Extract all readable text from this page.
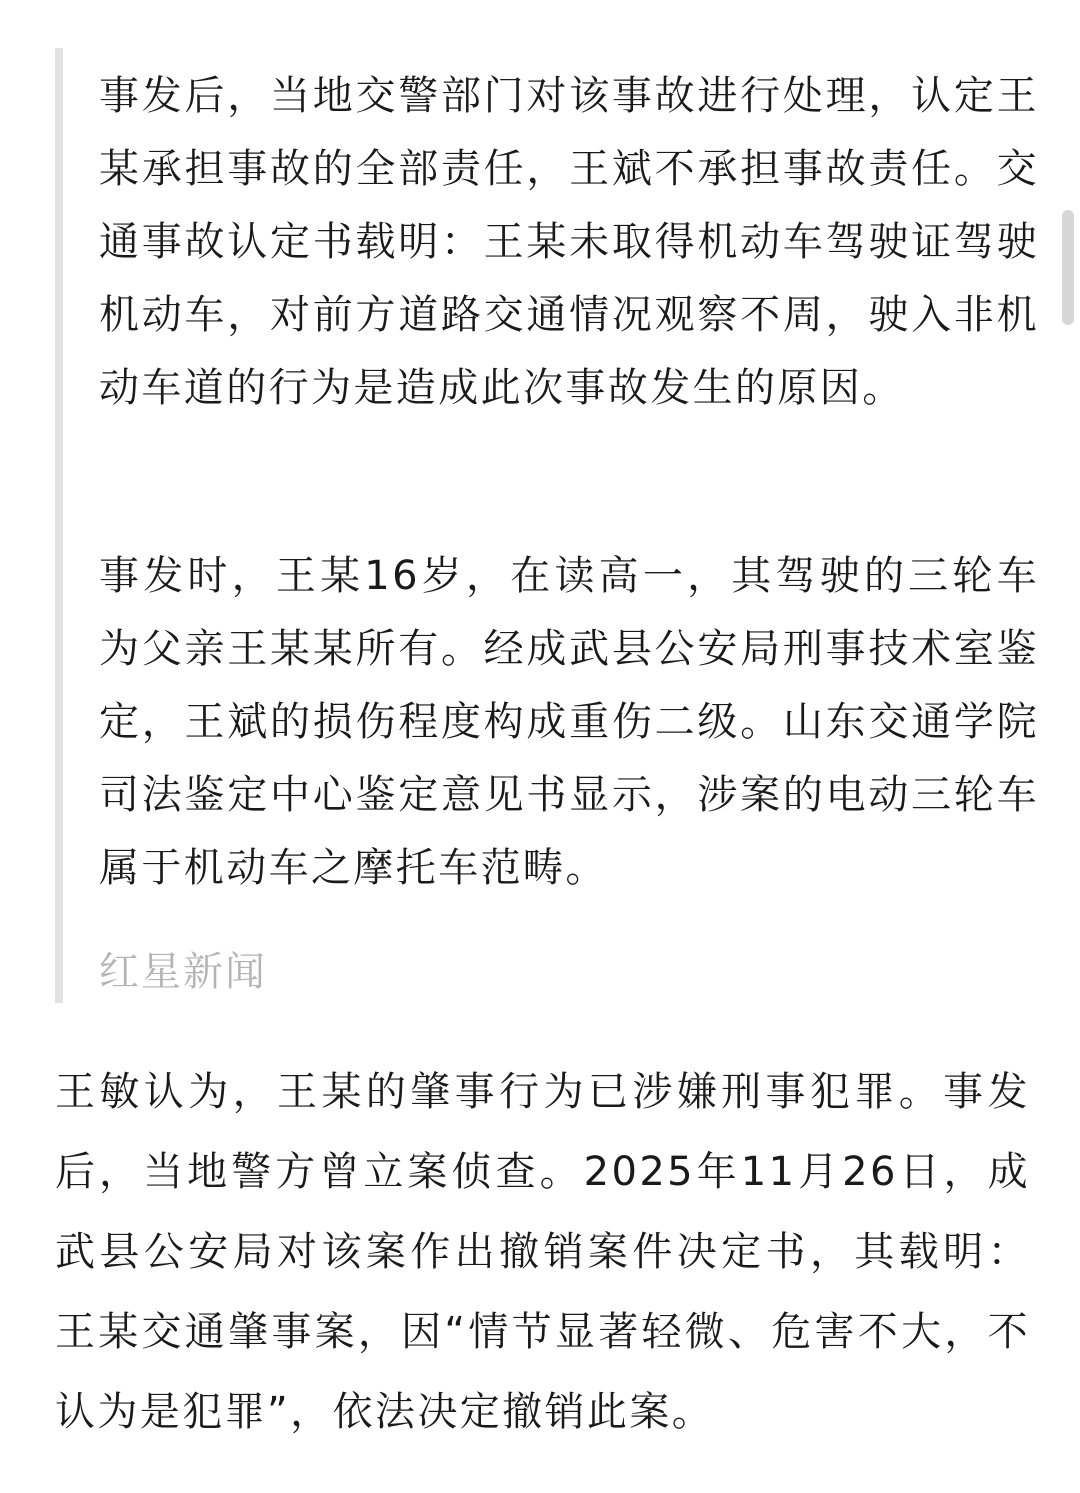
事发后，当地交警部门对该事故进行处理，认定王某承担事故的全部责任，王斌不承担事故责任。交通事故认定书载明：王某未取得机动车驾驶证驾驶机动车，对前方道路交通情况观察不周，驶入非机动车道的行为是造成此次事故发生的原因。

事发时，王某16岁，在读高一，其驾驶的三轮车为父亲王某某所有。经成武县公安局刑事技术室鉴定，王斌的损伤程度构成重伤二级。山东交通学院司法鉴定中心鉴定意见书显示，涉案的电动三轮车属于机动车之摩托车范畴。

红星新闻

王敏认为，王某的肇事行为已涉嫌刑事犯罪。事发后，当地警方曾立案侦查。2025年11月26日，成武县公安局对该案作出撤销案件决定书，其载明：王某交通肇事案，因“情节显著轻微、危害不大，不认为是犯罪”，依法决定撤销此案。
